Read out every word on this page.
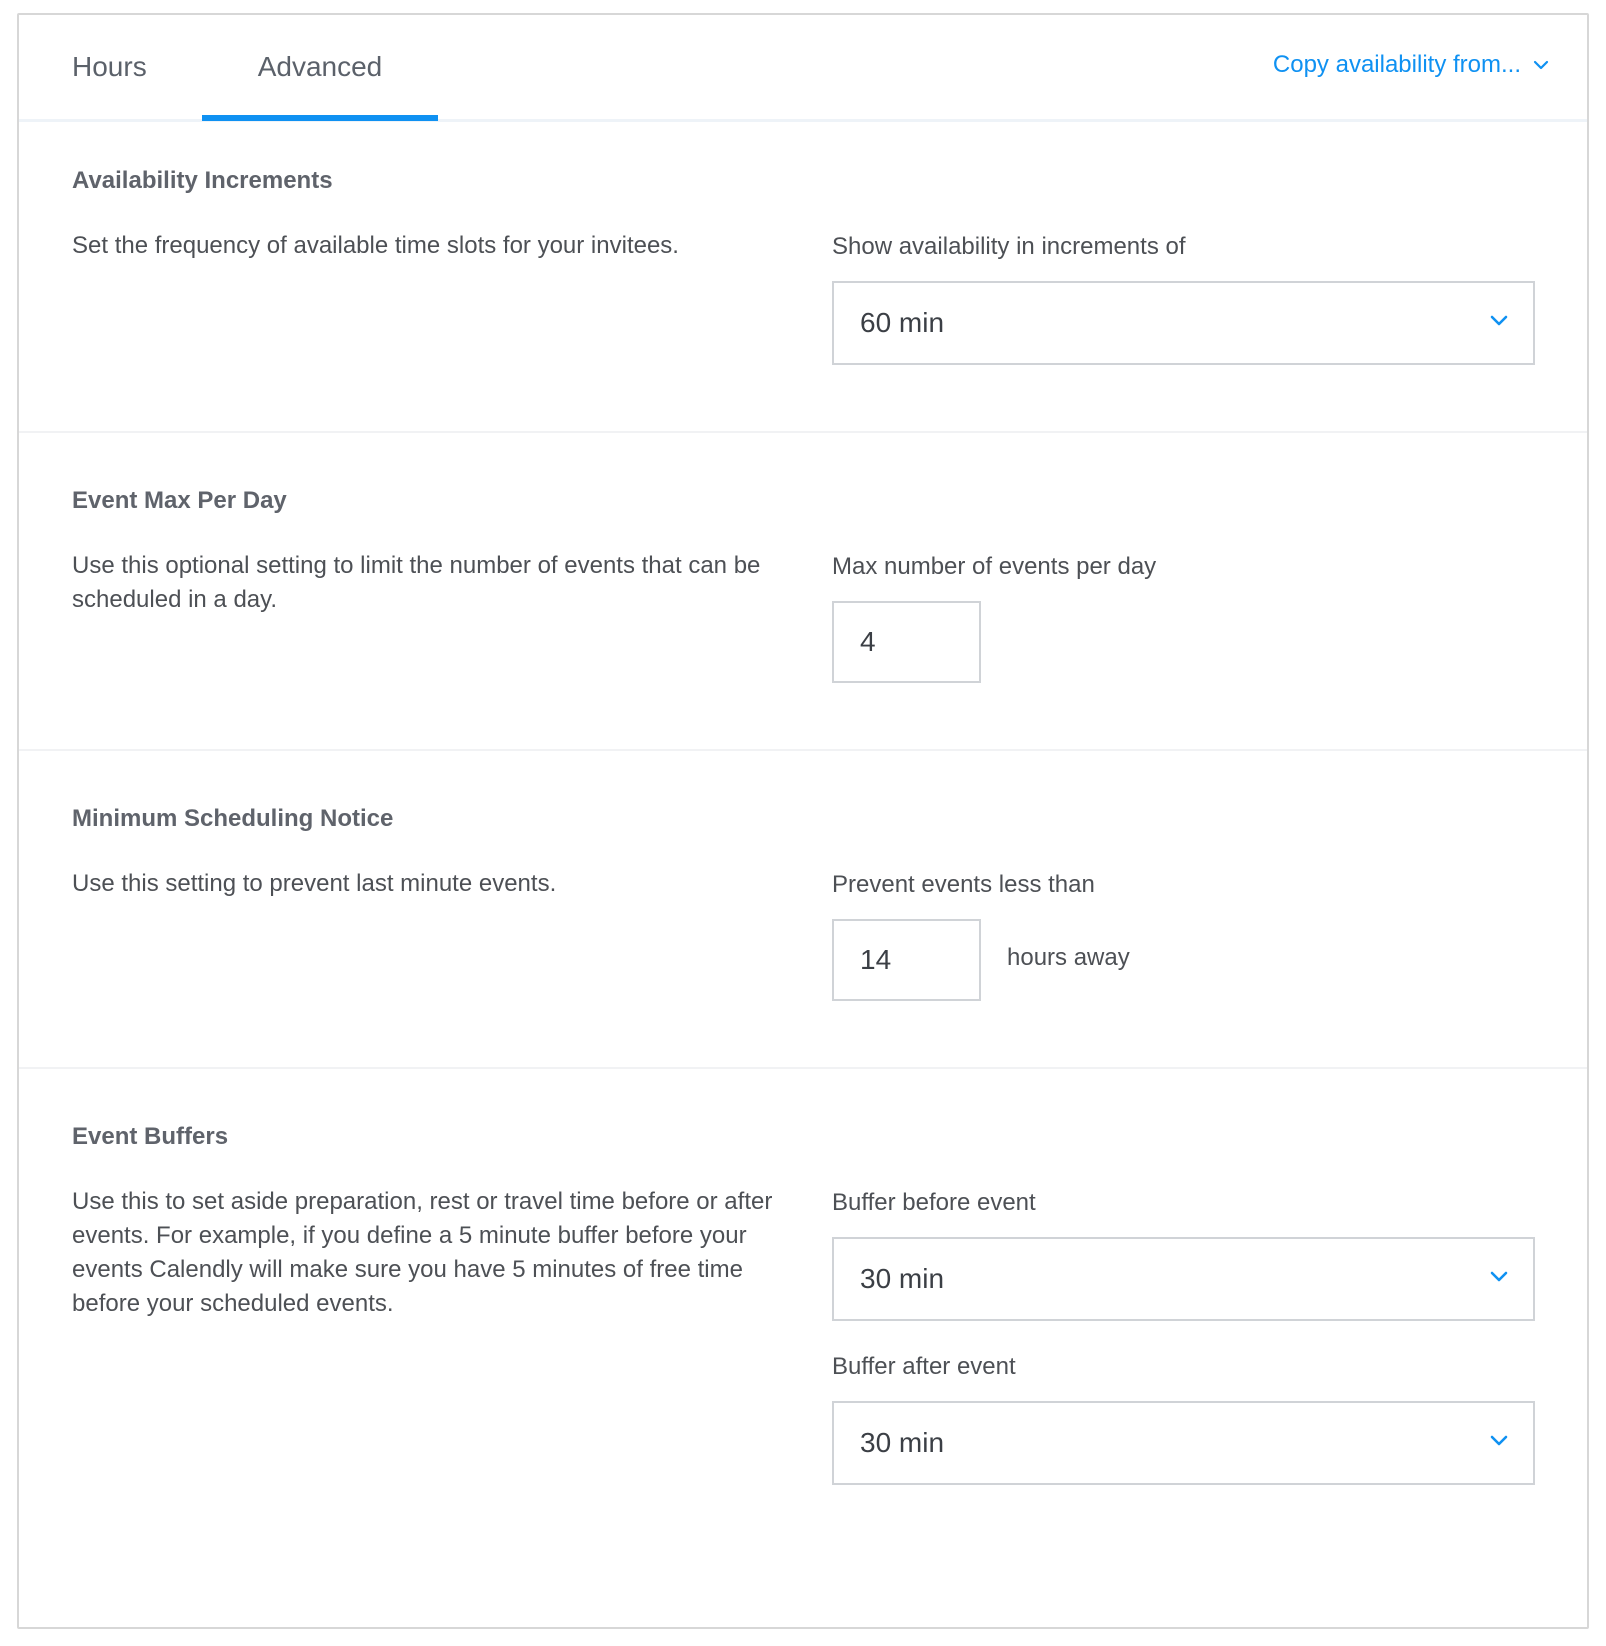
Hours	Advanced	Copy availability from...
Availability Increments
Set the frequency of available time slots for your invitees.	Show availability in increments of
60 min
Event Max Per Day
Use this optional setting to limit the number of events that can be scheduled in a day.
Max number of events per day
4
Minimum Scheduling Notice
Use this setting to prevent last minute events.	Prevent events less than
14	hours away
Event Buffers
Use this to set aside preparation, rest or travel time before or after events. For example, if you define a 5 minute buffer before your events Calendly will make sure you have 5 minutes of free time before your scheduled events.
Buffer before event
30 min
Buffer after event
30 min
